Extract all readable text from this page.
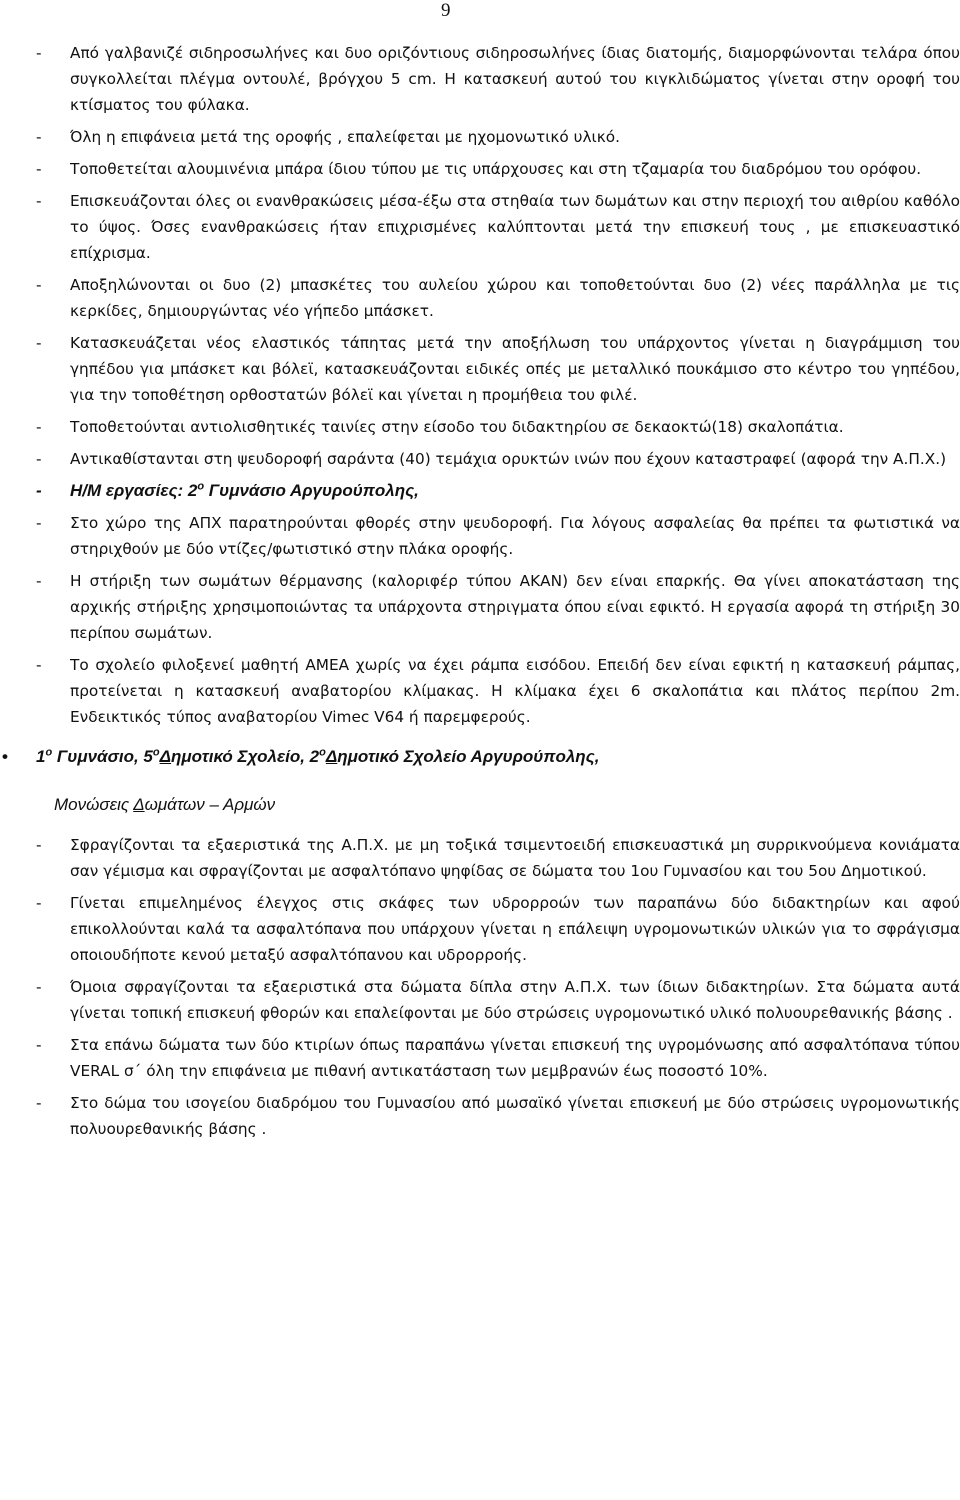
9
- Από γαλβανιζέ σιδηροσωλήνες και δυο οριζόντιους σιδηροσωλήνες ίδιας διατομής, διαμορφώνονται τελάρα όπου συγκολλείται πλέγμα οντουλέ, βρόγχου 5 cm. Η κατασκευή αυτού του κιγκλιδώματος γίνεται στην οροφή του κτίσματος του φύλακα.
- Όλη η επιφάνεια μετά της οροφής , επαλείφεται με ηχομονωτικό υλικό.
- Τοποθετείται αλουμινένια μπάρα ίδιου τύπου με τις υπάρχουσες και στη τζαμαρία του διαδρόμου του ορόφου.
- Επισκευάζονται όλες οι ενανθρακώσεις μέσα-έξω στα στηθαία των δωμάτων και στην περιοχή του αιθρίου καθόλο το ύψος. Όσες ενανθρακώσεις ήταν επιχρισμένες καλύπτονται μετά την επισκευή τους , με επισκευαστικό επίχρισμα.
- Αποξηλώνονται οι δυο (2) μπασκέτες του αυλείου χώρου και τοποθετούνται δυο (2) νέες παράλληλα με τις κερκίδες, δημιουργώντας νέο γήπεδο μπάσκετ.
- Κατασκευάζεται νέος ελαστικός τάπητας μετά την αποξήλωση του υπάρχοντος γίνεται η διαγράμμιση του γηπέδου για μπάσκετ και βόλεϊ, κατασκευάζονται ειδικές οπές με μεταλλικό πουκάμισο στο κέντρο του γηπέδου, για την τοποθέτηση ορθοστατών βόλεϊ και γίνεται η προμήθεια του φιλέ.
- Τοποθετούνται αντιολισθητικές ταινίες στην είσοδο του διδακτηρίου σε δεκαοκτώ(18) σκαλοπάτια.
- Αντικαθίστανται στη ψευδοροφή σαράντα (40) τεμάχια ορυκτών ινών που έχουν καταστραφεί (αφορά την Α.Π.Χ.)
- Η/Μ εργασίες: $2^o$ Γυμνάσιο Αργυρούπολης,
- Στο χώρο της ΑΠΧ παρατηρούνται φθορές στην ψευδοροφή. Για λόγους ασφαλείας θα πρέπει τα φωτιστικά να στηριχθούν με δύο ντίζες/φωτιστικό στην πλάκα οροφής.
- Η στήριξη των σωμάτων θέρμανσης (καλοριφέρ τύπου ΑΚΑΝ) δεν είναι επαρκής. Θα γίνει αποκατάσταση της αρχικής στήριξης χρησιμοποιώντας τα υπάρχοντα στηριγματα όπου είναι εφικτό. Η εργασία αφορά τη στήριξη 30 περίπου σωμάτων.
- Το σχολείο φιλοξενεί μαθητή ΑΜΕΑ χωρίς να έχει ράμπα εισόδου. Επειδή δεν είναι εφικτή η κατασκευή ράμπας, προτείνεται η κατασκευή αναβατορίου κλίμακας. Η κλίμακα έχει 6 σκαλοπάτια και πλάτος περίπου 2m. Ενδεικτικός τύπος αναβατορίου Vimec V64 ή παρεμφερούς.
• $1^o$ Γυμνάσιο, $5^o\Delta\eta\mu o\tau\iota\kappa ό$ Σχολείο, $2^o\Delta\eta\mu o\tau\iota\kappa ό$ Σχολείο Αργυρούπολης,
Μονώσεις Δωμάτων – Αρμών
- Σφραγίζονται τα εξαεριστικά της Α.Π.Χ. με μη τοξικά τσιμεντοειδή επισκευαστικά μη συρρικνούμενα κονιάματα σαν γέμισμα και σφραγίζονται με ασφαλτόπανο ψηφίδας σε δώματα του 1ου Γυμνασίου και του 5ου Δημοτικού.
- Γίνεται επιμελημένος έλεγχος στις σκάφες των υδρορροών των παραπάνω δύο διδακτηρίων και αφού επικολλούνται καλά τα ασφαλτόπανα που υπάρχουν γίνεται η επάλειψη υγρομονωτικών υλικών για το σφράγισμα οποιουδήποτε κενού μεταξύ ασφαλτόπανου και υδρορροής.
- Όμοια σφραγίζονται τα εξαεριστικά στα δώματα δίπλα στην Α.Π.Χ. των ίδιων διδακτηρίων. Στα δώματα αυτά γίνεται τοπική επισκευή φθορών και επαλείφονται με δύο στρώσεις υγρομονωτικό υλικό πολυουρεθανικής βάσης .
- Στα επάνω δώματα των δύο κτιρίων όπως παραπάνω γίνεται επισκευή της υγρομόνωσης από ασφαλτόπανα τύπου VERAL σ΄ όλη την επιφάνεια με πιθανή αντικατάσταση των μεμβρανών έως ποσοστό 10%.
- Στο δώμα του ισογείου διαδρόμου του Γυμνασίου από μωσαϊκό γίνεται επισκευή με δύο στρώσεις υγρομονωτικής πολυουρεθανικής βάσης .
